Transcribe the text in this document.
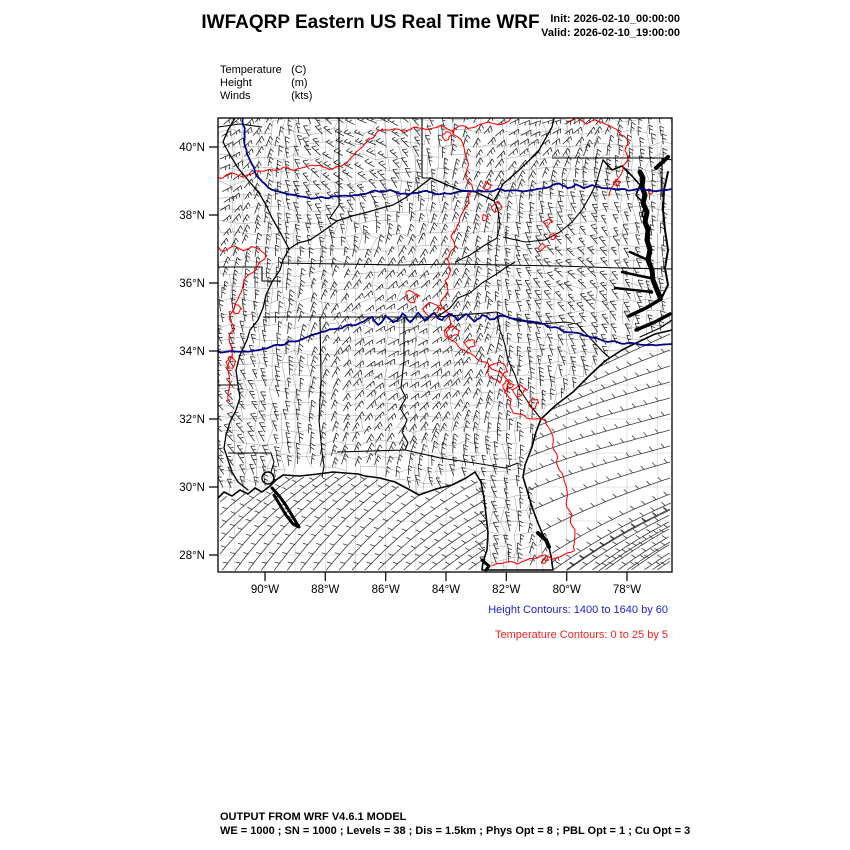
40°N
38°N
36°N
34°N
32°N
30°N
28°N
90°W	88°W	86°W	84°W	82°W	80°W	78°W
IWFAQRP Eastern US Real Time WRF Init: 2026-02-10_00:00:00
Valid: 2026-02-10_19:00:00
Temperature (C)
Height	(m)
Winds	(kts)
Height Contours: 1400 to 1640 by 60
Temperature Contours: 0 to 25 by 5
OUTPUT FROM WRF V4.6.1 MODEL
WE = 1000 ; SN = 1000 ; Levels = 38 ; Dis = 1.5km ; Phys Opt = 8 ; PBL Opt = 1 ; Cu Opt = 3
